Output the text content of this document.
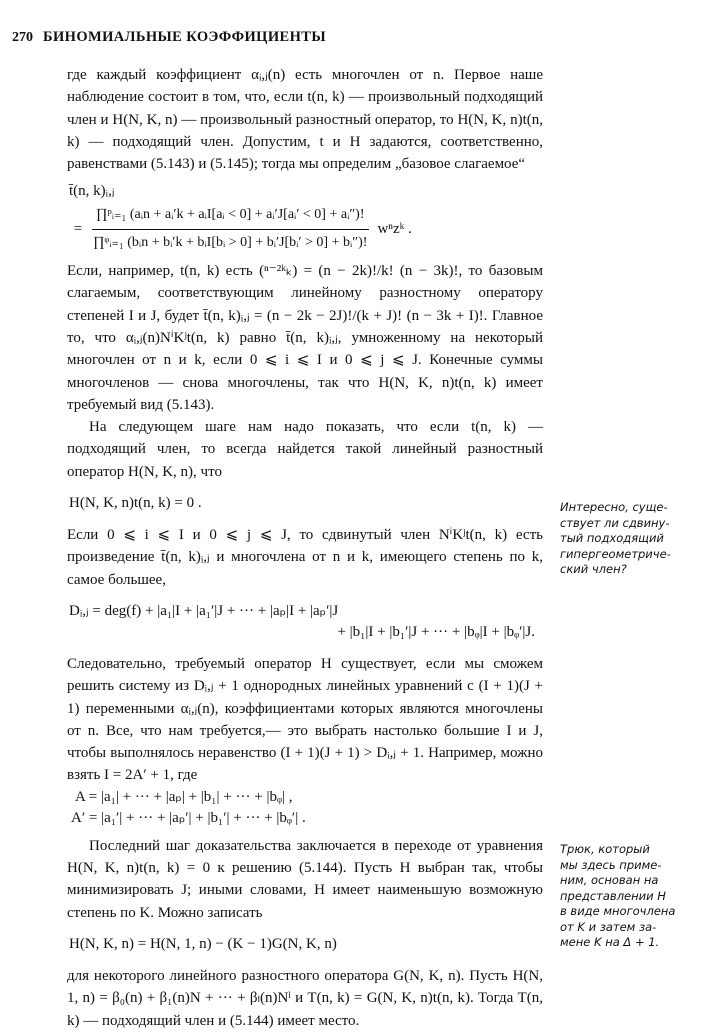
270 БИНОМИАЛЬНЫЕ КОЭФФИЦИЕНТЫ

где каждый коэффициент αᵢ,ⱼ(n) есть многочлен от n. Первое наше наблюдение состоит в том, что, если t(n, k) — произвольный подходящий член и H(N, K, n) — произвольный разностный оператор, то H(N, K, n)t(n, k) — подходящий член. Допустим, t и H задаются, соответственно, равенствами (5.143) и (5.145); тогда мы определим „базовое слагаемое“

t̄(n, k)ᵢ,ⱼ
= $\frac{\text{∏ᵖᵢ₌₁ (aᵢn + aᵢ′k + aᵢI[aᵢ < 0] + aᵢ′J[aᵢ′ < 0] + aᵢ″)!}}{\text{∏ᵠᵢ₌₁ (bᵢn + bᵢ′k + bᵢI[bᵢ > 0] + bᵢ′J[bᵢ′ > 0] + bᵢ″)!}}$ wⁿzᵏ .

Если, например, t(n, k) есть (ⁿ⁻²ᵏₖ) = (n − 2k)!/k! (n − 3k)!, то базовым слагаемым, соответствующим линейному разностному оператору степеней I и J, будет t̄(n, k)ᵢ,ⱼ = (n − 2k − 2J)!/(k + J)! (n − 3k + I)!. Главное то, что αᵢ,ⱼ(n)NⁱKʲt(n, k) равно t̄(n, k)ᵢ,ⱼ, умноженному на некоторый многочлен от n и k, если 0 ⩽ i ⩽ I и 0 ⩽ j ⩽ J. Конечные суммы многочленов — снова многочлены, так что H(N, K, n)t(n, k) имеет требуемый вид (5.143).

На следующем шаге нам надо показать, что если t(n, k) — подходящий член, то всегда найдется такой линейный разностный оператор H(N, K, n), что

H(N, K, n)t(n, k) = 0 .

Если 0 ⩽ i ⩽ I и 0 ⩽ j ⩽ J, то сдвинутый член NⁱKʲt(n, k) есть произведение t̄(n, k)ᵢ,ⱼ и многочлена от n и k, имеющего степень по k, самое большее,

Dᵢ,ⱼ = deg(f) + |a₁|I + |a₁′|J + ··· + |aₚ|I + |aₚ′|J
+ |b₁|I + |b₁′|J + ··· + |bᵩ|I + |bᵩ′|J.

Следовательно, требуемый оператор H существует, если мы сможем решить систему из Dᵢ,ⱼ + 1 однородных линейных уравнений с (I + 1)(J + 1) переменными αᵢ,ⱼ(n), коэффициентами которых являются многочлены от n. Все, что нам требуется,— это выбрать настолько большие I и J, чтобы выполнялось неравенство (I + 1)(J + 1) > Dᵢ,ⱼ + 1. Например, можно взять I = 2A′ + 1, где

A = |a₁| + ··· + |aₚ| + |b₁| + ··· + |bᵩ| ,
A′ = |a₁′| + ··· + |aₚ′| + |b₁′| + ··· + |bᵩ′| .

Последний шаг доказательства заключается в переходе от уравнения H(N, K, n)t(n, k) = 0 к решению (5.144). Пусть H выбран так, чтобы минимизировать J; иными словами, H имеет наименьшую возможную степень по K. Можно записать

H(N, K, n) = H(N, 1, n) − (K − 1)G(N, K, n)

для некоторого линейного разностного оператора G(N, K, n). Пусть H(N, 1, n) = β₀(n) + β₁(n)N + ··· + βₗ(n)Nˡ и T(n, k) = G(N, K, n)t(n, k). Тогда T(n, k) — подходящий член и (5.144) имеет место.

Интересно, суще-
ствует ли сдвину-
тый подходящий
гипергеометриче-
ский член?
Трюк, который
мы здесь приме-
ним, основан на
представлении H
в виде многочлена
от K и затем за-
мене K на Δ + 1.
